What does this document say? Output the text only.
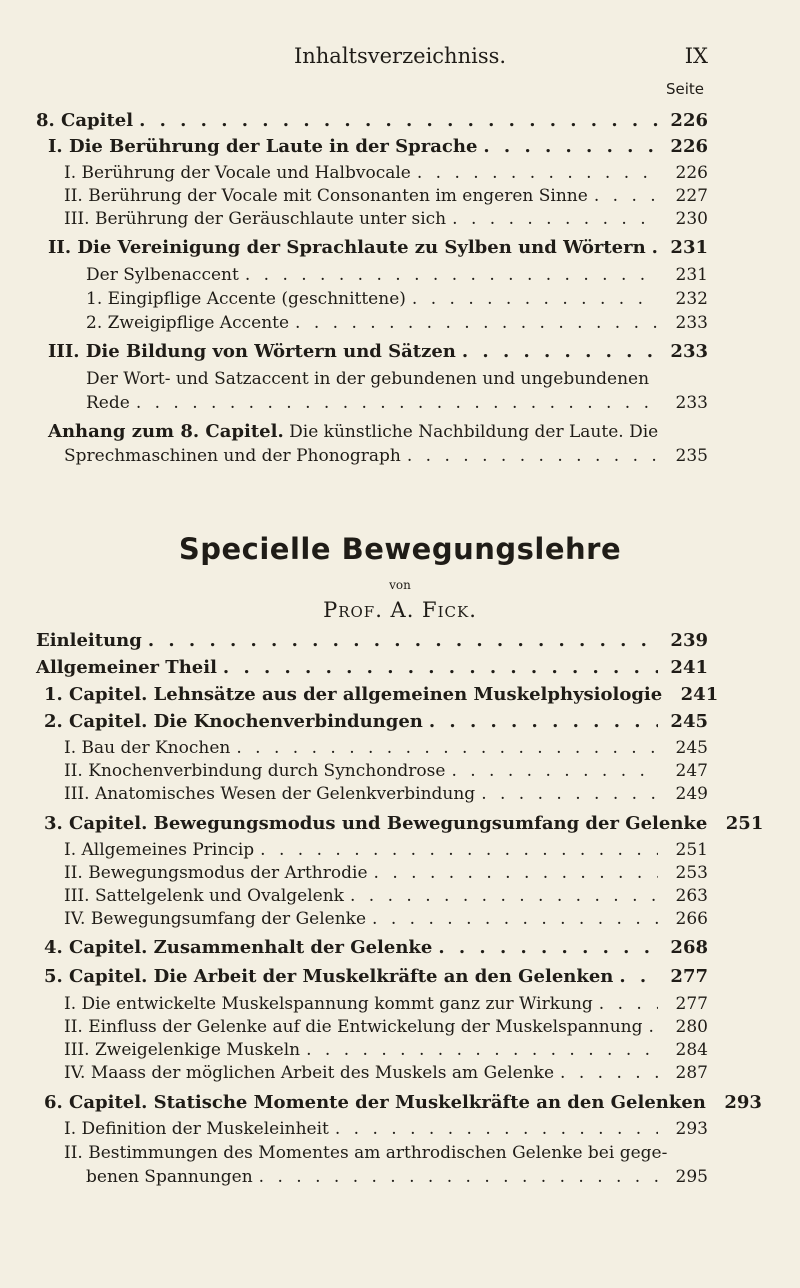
Inhaltsverzeichniss.	IX
Seite
8. Capitel . . .	226
I. Die Berührung der Laute in der Sprache . . .	226
I. Berührung der Vocale und Halbvocale . . .	226
II. Berührung der Vocale mit Consonanten im engeren Sinne . . .	227
III. Berührung der Geräuschlaute unter sich . . .	230
II. Die Vereinigung der Sprachlaute zu Sylben und Wörtern . . .	231
Der Sylbenaccent . . .	231
1. Eingipflige Accente (geschnittene) . . .	232
2. Zweigipflige Accente . . .	233
III. Die Bildung von Wörtern und Sätzen . . .	233
Der Wort- und Satzaccent in der gebundenen und ungebundenen
Rede . . .	233
Anhang zum 8. Capitel. Die künstliche Nachbildung der Laute. Die
Sprechmaschinen und der Phonograph . . .	235
Specielle Bewegungslehre
von
Prof. A. Fick.
Einleitung . . .	239
Allgemeiner Theil . . .	241
1. Capitel. Lehnsätze aus der allgemeinen Muskelphysiologie	241
2. Capitel. Die Knochenverbindungen . . .	245
I. Bau der Knochen . . .	245
II. Knochenverbindung durch Synchondrose . . .	247
III. Anatomisches Wesen der Gelenkverbindung . . .	249
3. Capitel. Bewegungsmodus und Bewegungsumfang der Gelenke	251
I. Allgemeines Princip . . .	251
II. Bewegungsmodus der Arthrodie . . .	253
III. Sattelgelenk und Ovalgelenk . . .	263
IV. Bewegungsumfang der Gelenke . . .	266
4. Capitel. Zusammenhalt der Gelenke . . .	268
5. Capitel. Die Arbeit der Muskelkräfte an den Gelenken . . .	277
I. Die entwickelte Muskelspannung kommt ganz zur Wirkung . . .	277
II. Einfluss der Gelenke auf die Entwickelung der Muskelspannung . . .	280
III. Zweigelenkige Muskeln . . .	284
IV. Maass der möglichen Arbeit des Muskels am Gelenke . . .	287
6. Capitel. Statische Momente der Muskelkräfte an den Gelenken	293
I. Definition der Muskeleinheit . . .	293
II. Bestimmungen des Momentes am arthrodischen Gelenke bei gege-
benen Spannungen . . .	295
